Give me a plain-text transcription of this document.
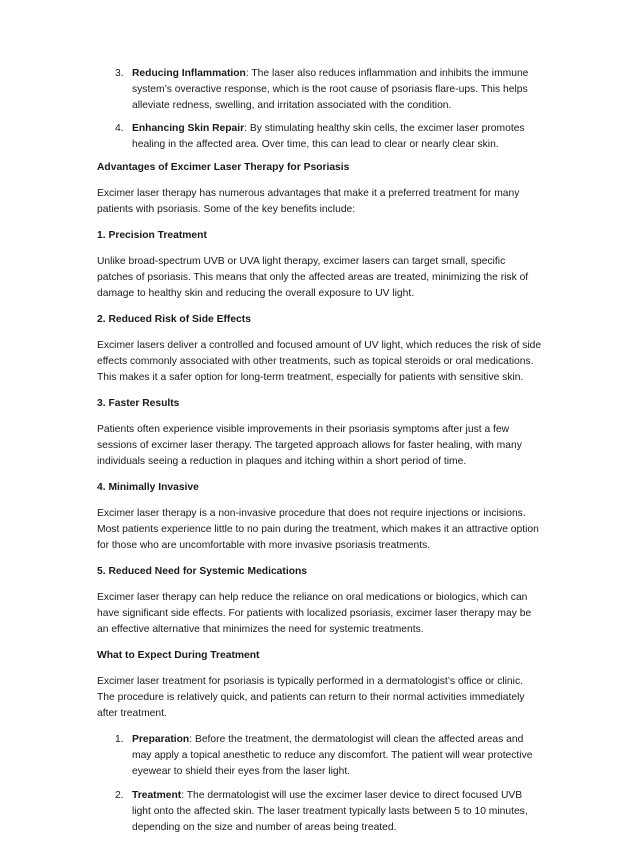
3. Reducing Inflammation: The laser also reduces inflammation and inhibits the immune system’s overactive response, which is the root cause of psoriasis flare-ups. This helps alleviate redness, swelling, and irritation associated with the condition.
4. Enhancing Skin Repair: By stimulating healthy skin cells, the excimer laser promotes healing in the affected area. Over time, this can lead to clear or nearly clear skin.

Advantages of Excimer Laser Therapy for Psoriasis

Excimer laser therapy has numerous advantages that make it a preferred treatment for many patients with psoriasis. Some of the key benefits include:

1. Precision Treatment

Unlike broad-spectrum UVB or UVA light therapy, excimer lasers can target small, specific patches of psoriasis. This means that only the affected areas are treated, minimizing the risk of damage to healthy skin and reducing the overall exposure to UV light.

2. Reduced Risk of Side Effects

Excimer lasers deliver a controlled and focused amount of UV light, which reduces the risk of side effects commonly associated with other treatments, such as topical steroids or oral medications. This makes it a safer option for long-term treatment, especially for patients with sensitive skin.

3. Faster Results

Patients often experience visible improvements in their psoriasis symptoms after just a few sessions of excimer laser therapy. The targeted approach allows for faster healing, with many individuals seeing a reduction in plaques and itching within a short period of time.

4. Minimally Invasive

Excimer laser therapy is a non-invasive procedure that does not require injections or incisions. Most patients experience little to no pain during the treatment, which makes it an attractive option for those who are uncomfortable with more invasive psoriasis treatments.

5. Reduced Need for Systemic Medications

Excimer laser therapy can help reduce the reliance on oral medications or biologics, which can have significant side effects. For patients with localized psoriasis, excimer laser therapy may be an effective alternative that minimizes the need for systemic treatments.

What to Expect During Treatment

Excimer laser treatment for psoriasis is typically performed in a dermatologist’s office or clinic. The procedure is relatively quick, and patients can return to their normal activities immediately after treatment.

1. Preparation: Before the treatment, the dermatologist will clean the affected areas and may apply a topical anesthetic to reduce any discomfort. The patient will wear protective eyewear to shield their eyes from the laser light.
2. Treatment: The dermatologist will use the excimer laser device to direct focused UVB light onto the affected skin. The laser treatment typically lasts between 5 to 10 minutes, depending on the size and number of areas being treated.
